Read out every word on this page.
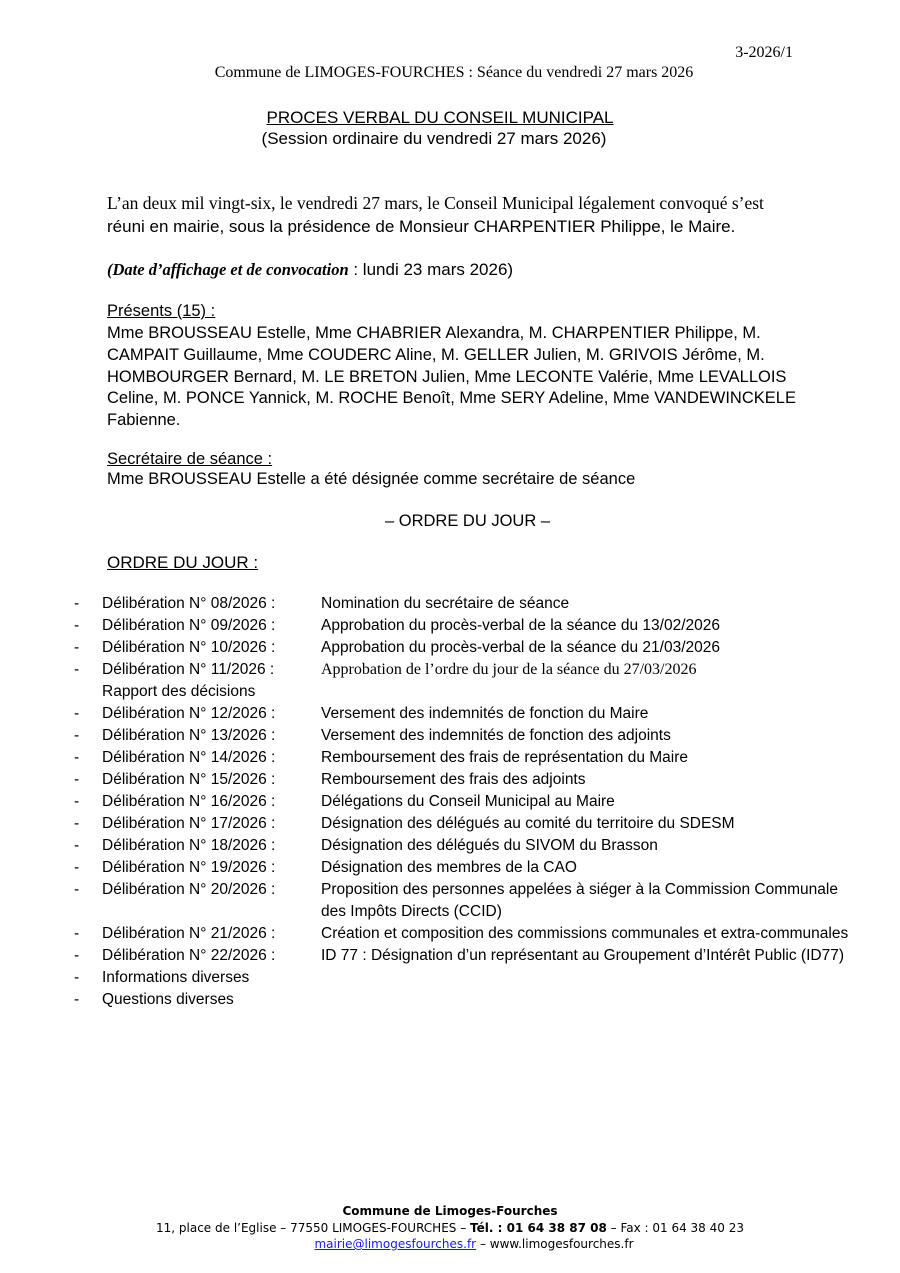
3-2026/1
Commune de LIMOGES-FOURCHES : Séance du vendredi 27 mars 2026
PROCES VERBAL DU CONSEIL MUNICIPAL
(Session ordinaire du vendredi 27 mars 2026)
L’an deux mil vingt-six, le vendredi 27 mars, le Conseil Municipal légalement convoqué s’est
réuni en mairie, sous la présidence de Monsieur CHARPENTIER Philippe, le Maire.
(Date d’affichage et de convocation : lundi 23 mars 2026)
Présents (15) :
Mme BROUSSEAU Estelle, Mme CHABRIER Alexandra, M. CHARPENTIER Philippe, M. CAMPAIT Guillaume, Mme COUDERC Aline, M. GELLER Julien, M. GRIVOIS Jérôme, M. HOMBOURGER Bernard, M. LE BRETON Julien, Mme LECONTE Valérie, Mme LEVALLOIS Celine, M. PONCE Yannick, M. ROCHE Benoît, Mme SERY Adeline, Mme VANDEWINCKELE Fabienne.
Secrétaire de séance :
Mme BROUSSEAU Estelle a été désignée comme secrétaire de séance
– ORDRE DU JOUR –
ORDRE DU JOUR :
- Délibération N° 08/2026 :	Nomination du secrétaire de séance
- Délibération N° 09/2026 :	Approbation du procès-verbal de la séance du 13/02/2026
- Délibération N° 10/2026 :	Approbation du procès-verbal de la séance du 21/03/2026
- Délibération N° 11/2026 :	Approbation de l’ordre du jour de la séance du 27/03/2026
Rapport des décisions
- Délibération N° 12/2026 :	Versement des indemnités de fonction du Maire
- Délibération N° 13/2026 :	Versement des indemnités de fonction des adjoints
- Délibération N° 14/2026 :	Remboursement des frais de représentation du Maire
- Délibération N° 15/2026 :	Remboursement des frais des adjoints
- Délibération N° 16/2026 :	Délégations du Conseil Municipal au Maire
- Délibération N° 17/2026 :	Désignation des délégués au comité du territoire du SDESM
- Délibération N° 18/2026 :	Désignation des délégués du SIVOM du Brasson
- Délibération N° 19/2026 :	Désignation des membres de la CAO
- Délibération N° 20/2026 :	Proposition des personnes appelées à siéger à la Commission Communale des Impôts Directs (CCID)
- Délibération N° 21/2026 :	Création et composition des commissions communales et extra-communales
- Délibération N° 22/2026 :	ID 77 : Désignation d’un représentant au Groupement d’Intérêt Public (ID77)
- Informations diverses
- Questions diverses
Commune de Limoges-Fourches
11, place de l’Eglise – 77550 LIMOGES-FOURCHES – Tél. : 01 64 38 87 08 – Fax : 01 64 38 40 23
mairie@limogesfourches.fr – www.limogesfourches.fr
